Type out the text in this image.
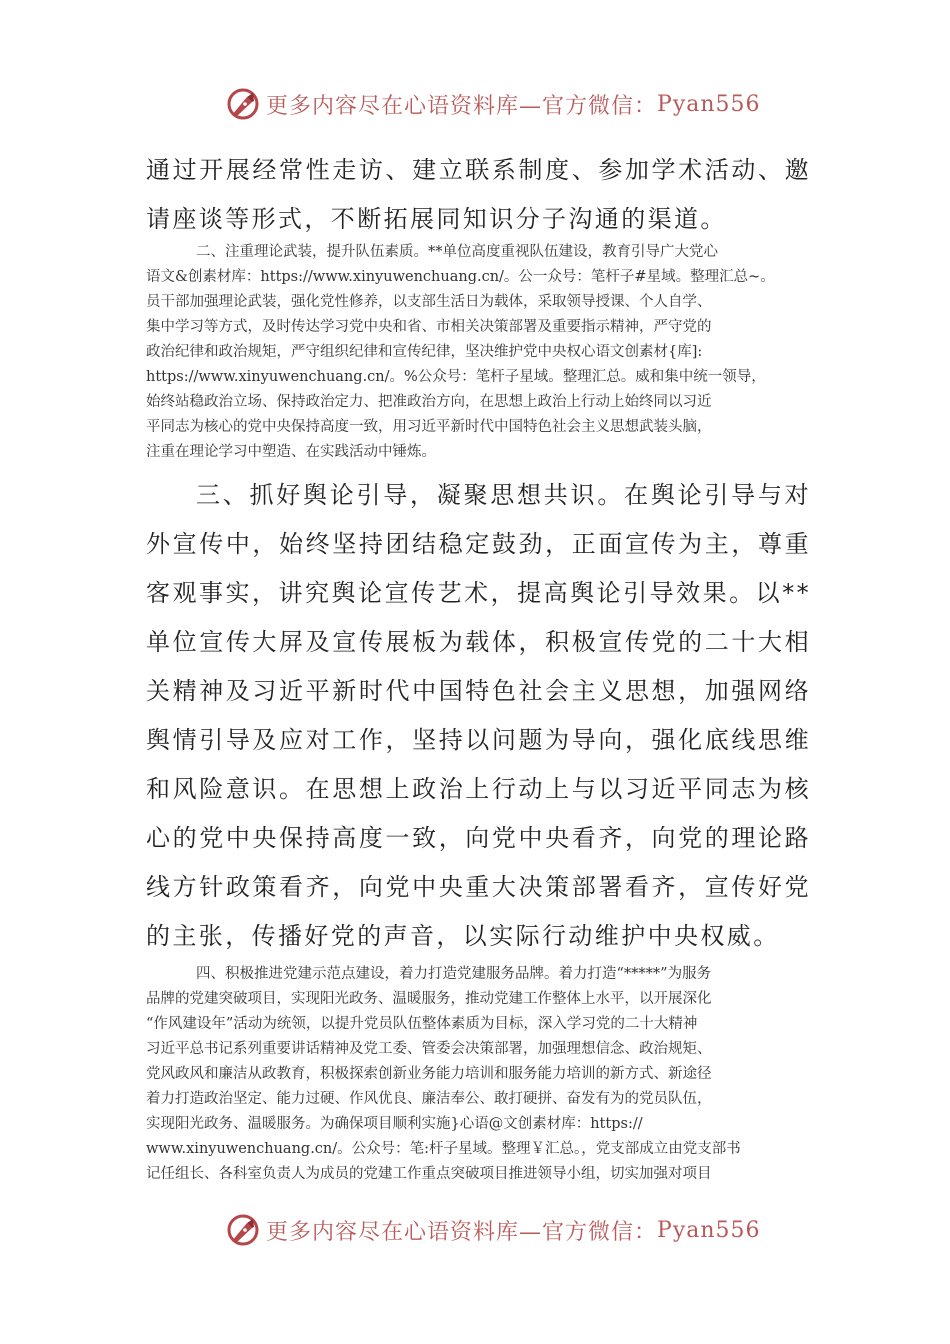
更多内容尽在心语资料库—官方微信： Pyan556
通过开展经常性走访、建立联系制度、参加学术活动、邀
请座谈等形式，不断拓展同知识分子沟通的渠道。
二、注重理论武装，提升队伍素质。**单位高度重视队伍建设，教育引导广大党心
语文&创素材库：https://www.xinyuwenchuang.cn/。公一众号：笔杆子#星域。整理汇总~。
员干部加强理论武装，强化党性修养，以支部生活日为载体，采取领导授课、个人自学、
集中学习等方式，及时传达学习党中央和省、市相关决策部署及重要指示精神，严守党的
政治纪律和政治规矩，严守组织纪律和宣传纪律，坚决维护党中央权心语文创素材{库]:
https://www.xinyuwenchuang.cn/。%公众号：笔杆子星域。整理汇总。威和集中统一领导，
始终站稳政治立场、保持政治定力、把准政治方向，在思想上政治上行动上始终同以习近
平同志为核心的党中央保持高度一致，用习近平新时代中国特色社会主义思想武装头脑，
注重在理论学习中塑造、在实践活动中锤炼。
三、抓好舆论引导，凝聚思想共识。在舆论引导与对
外宣传中，始终坚持团结稳定鼓劲，正面宣传为主，尊重
客观事实，讲究舆论宣传艺术，提高舆论引导效果。以**
单位宣传大屏及宣传展板为载体，积极宣传党的二十大相
关精神及习近平新时代中国特色社会主义思想，加强网络
舆情引导及应对工作，坚持以问题为导向，强化底线思维
和风险意识。在思想上政治上行动上与以习近平同志为核
心的党中央保持高度一致，向党中央看齐，向党的理论路
线方针政策看齐，向党中央重大决策部署看齐，宣传好党
的主张，传播好党的声音，以实际行动维护中央权威。
四、积极推进党建示范点建设，着力打造党建服务品牌。着力打造“*****”为服务
品牌的党建突破项目，实现阳光政务、温暖服务，推动党建工作整体上水平，以开展深化
“作风建设年”活动为统领，以提升党员队伍整体素质为目标，深入学习党的二十大精神
习近平总书记系列重要讲话精神及党工委、管委会决策部署，加强理想信念、政治规矩、
党风政风和廉洁从政教育，积极探索创新业务能力培训和服务能力培训的新方式、新途径
着力打造政治坚定、能力过硬、作风优良、廉洁奉公、敢打硬拼、奋发有为的党员队伍，
实现阳光政务、温暖服务。为确保项目顺利实施}心语@文创素材库：https://
www.xinyuwenchuang.cn/。公众号：笔:杆子星域。整理￥汇总。，党支部成立由党支部书
记任组长、各科室负责人为成员的党建工作重点突破项目推进领导小组，切实加强对项目
更多内容尽在心语资料库—官方微信： Pyan556
